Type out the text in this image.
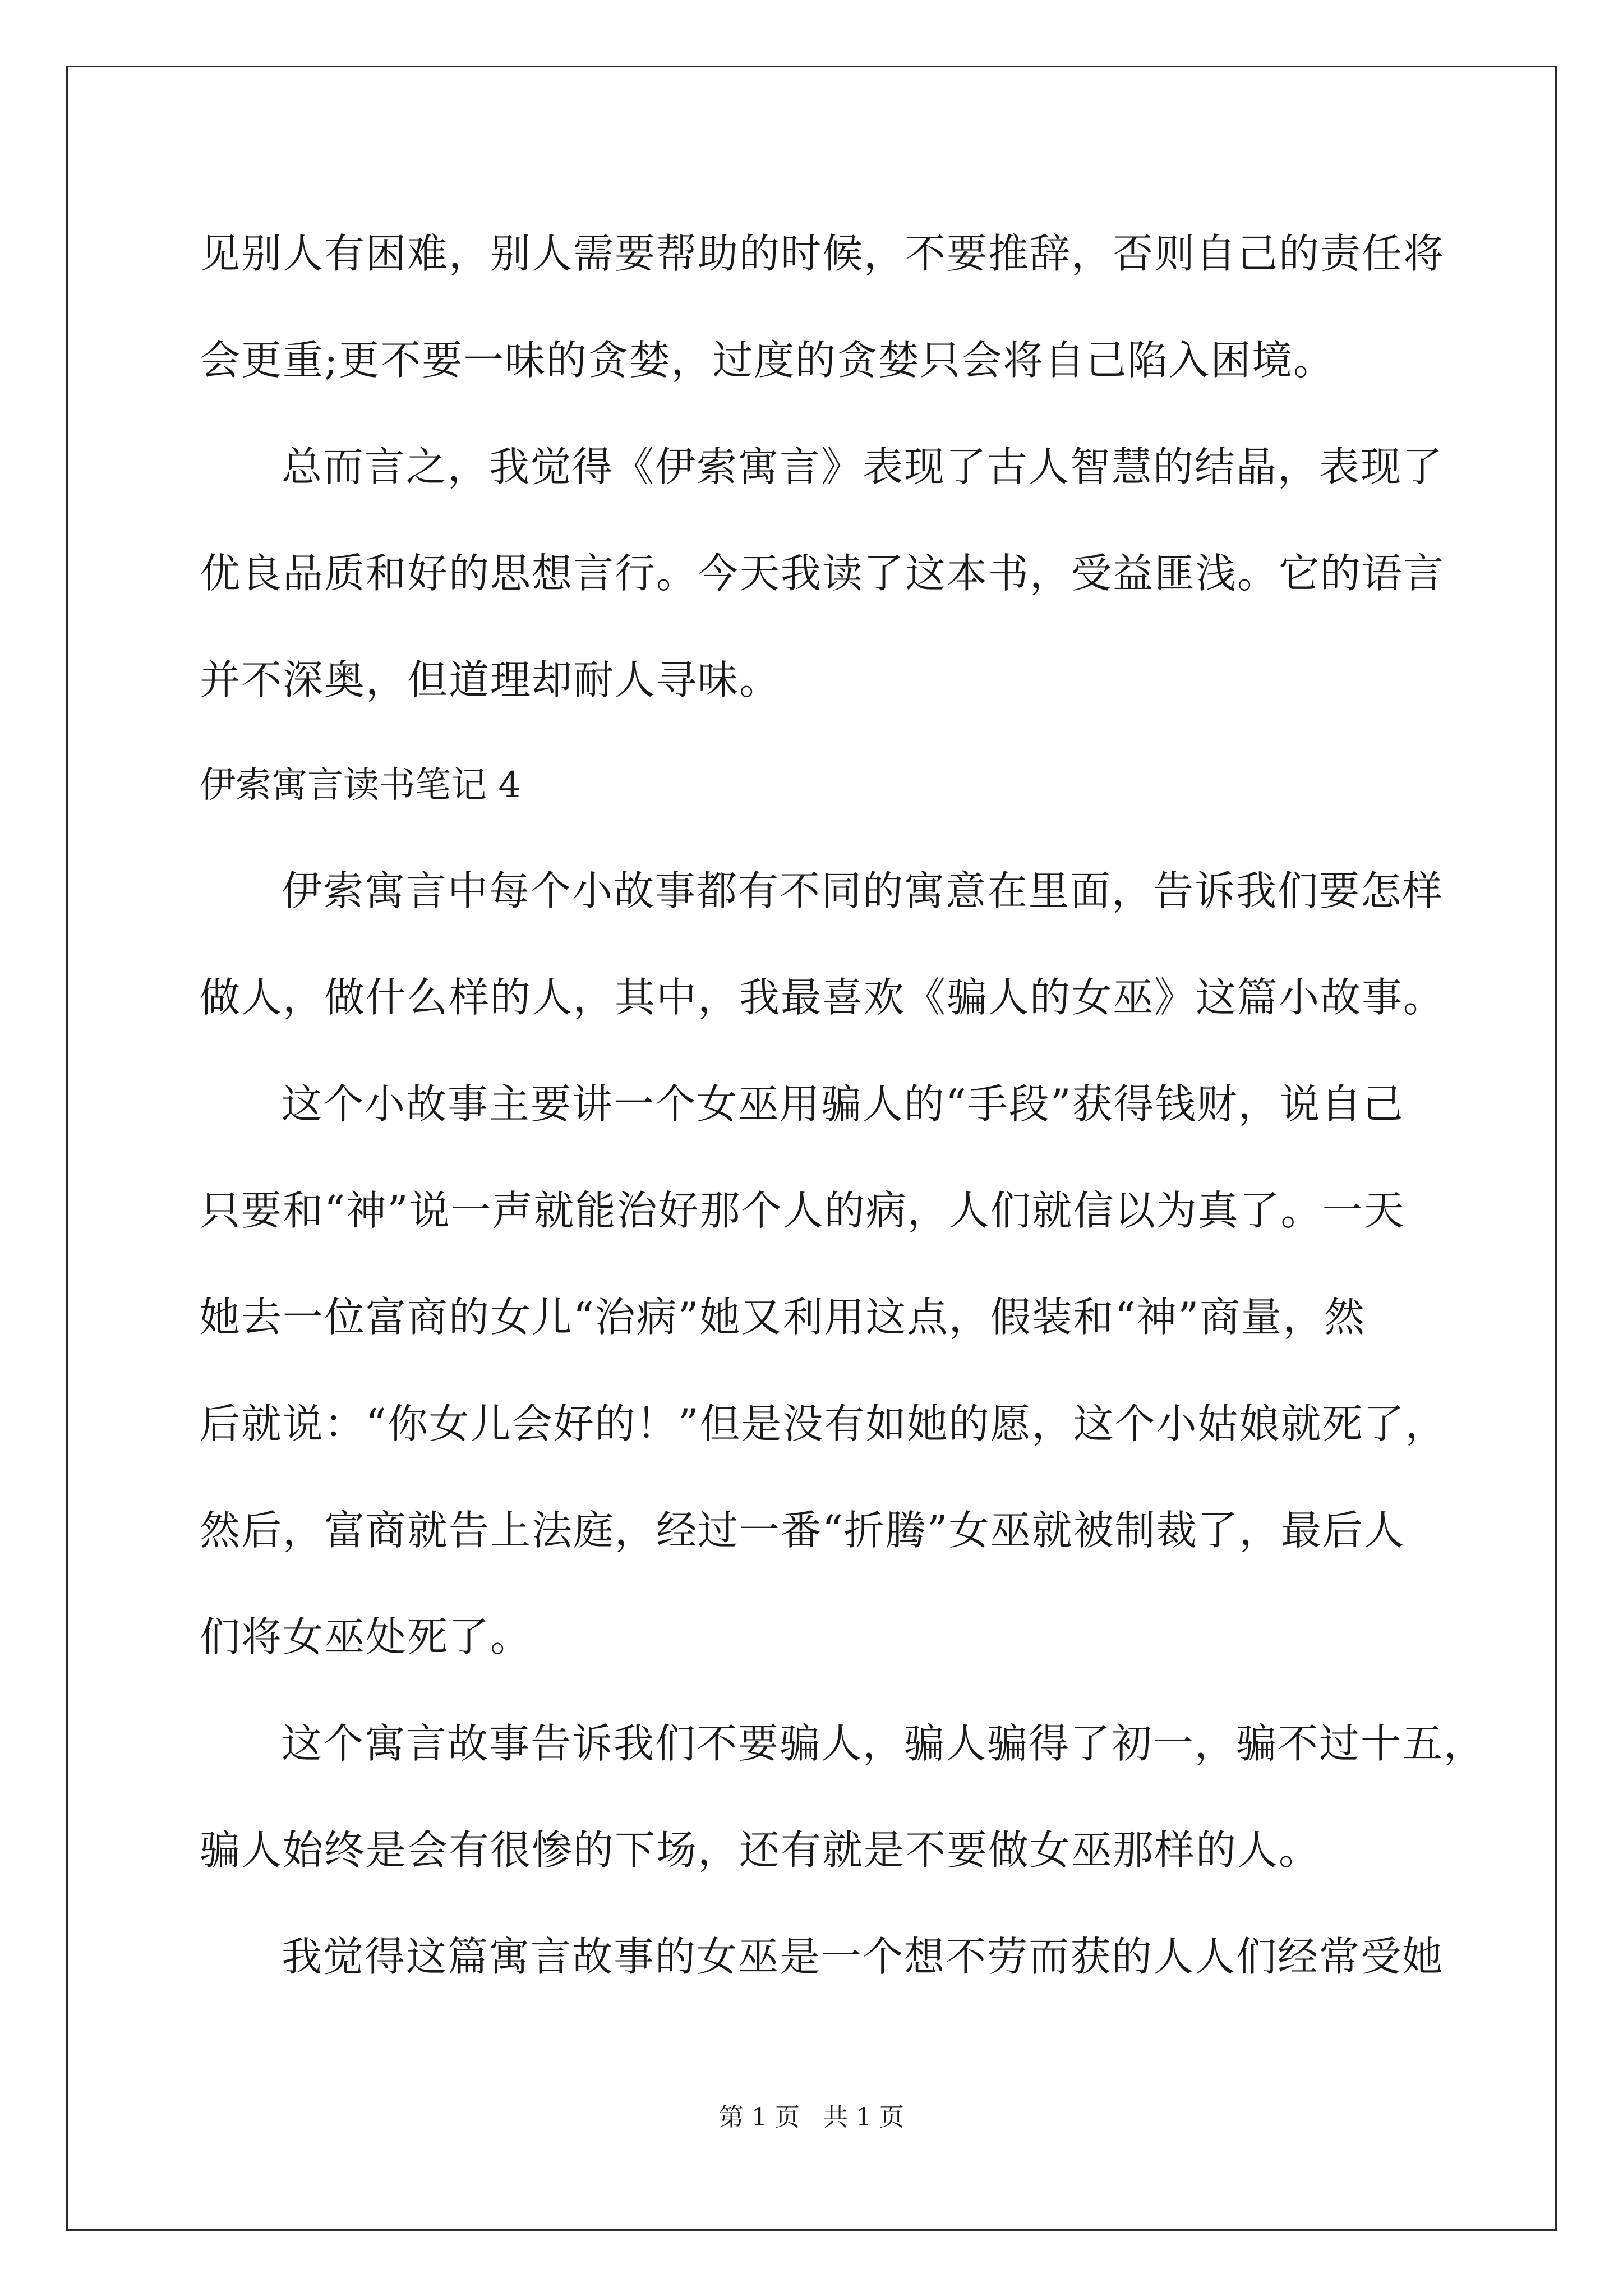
见别人有困难，别人需要帮助的时候，不要推辞，否则自己的责任将
会更重;更不要一味的贪婪，过度的贪婪只会将自己陷入困境。
总而言之，我觉得《伊索寓言》表现了古人智慧的结晶，表现了
优良品质和好的思想言行。今天我读了这本书，受益匪浅。它的语言
并不深奥，但道理却耐人寻味。
伊索寓言读书笔记 4
伊索寓言中每个小故事都有不同的寓意在里面，告诉我们要怎样
做人，做什么样的人，其中，我最喜欢《骗人的女巫》这篇小故事。
这个小故事主要讲一个女巫用骗人的“手段”获得钱财，说自己
只要和“神”说一声就能治好那个人的病，人们就信以为真了。一天
她去一位富商的女儿“治病”她又利用这点，假装和“神”商量，然
后就说：“你女儿会好的！”但是没有如她的愿，这个小姑娘就死了，
然后，富商就告上法庭，经过一番“折腾”女巫就被制裁了，最后人
们将女巫处死了。
这个寓言故事告诉我们不要骗人，骗人骗得了初一，骗不过十五，
骗人始终是会有很惨的下场，还有就是不要做女巫那样的人。
我觉得这篇寓言故事的女巫是一个想不劳而获的人人们经常受她
第 1 页   共 1 页
